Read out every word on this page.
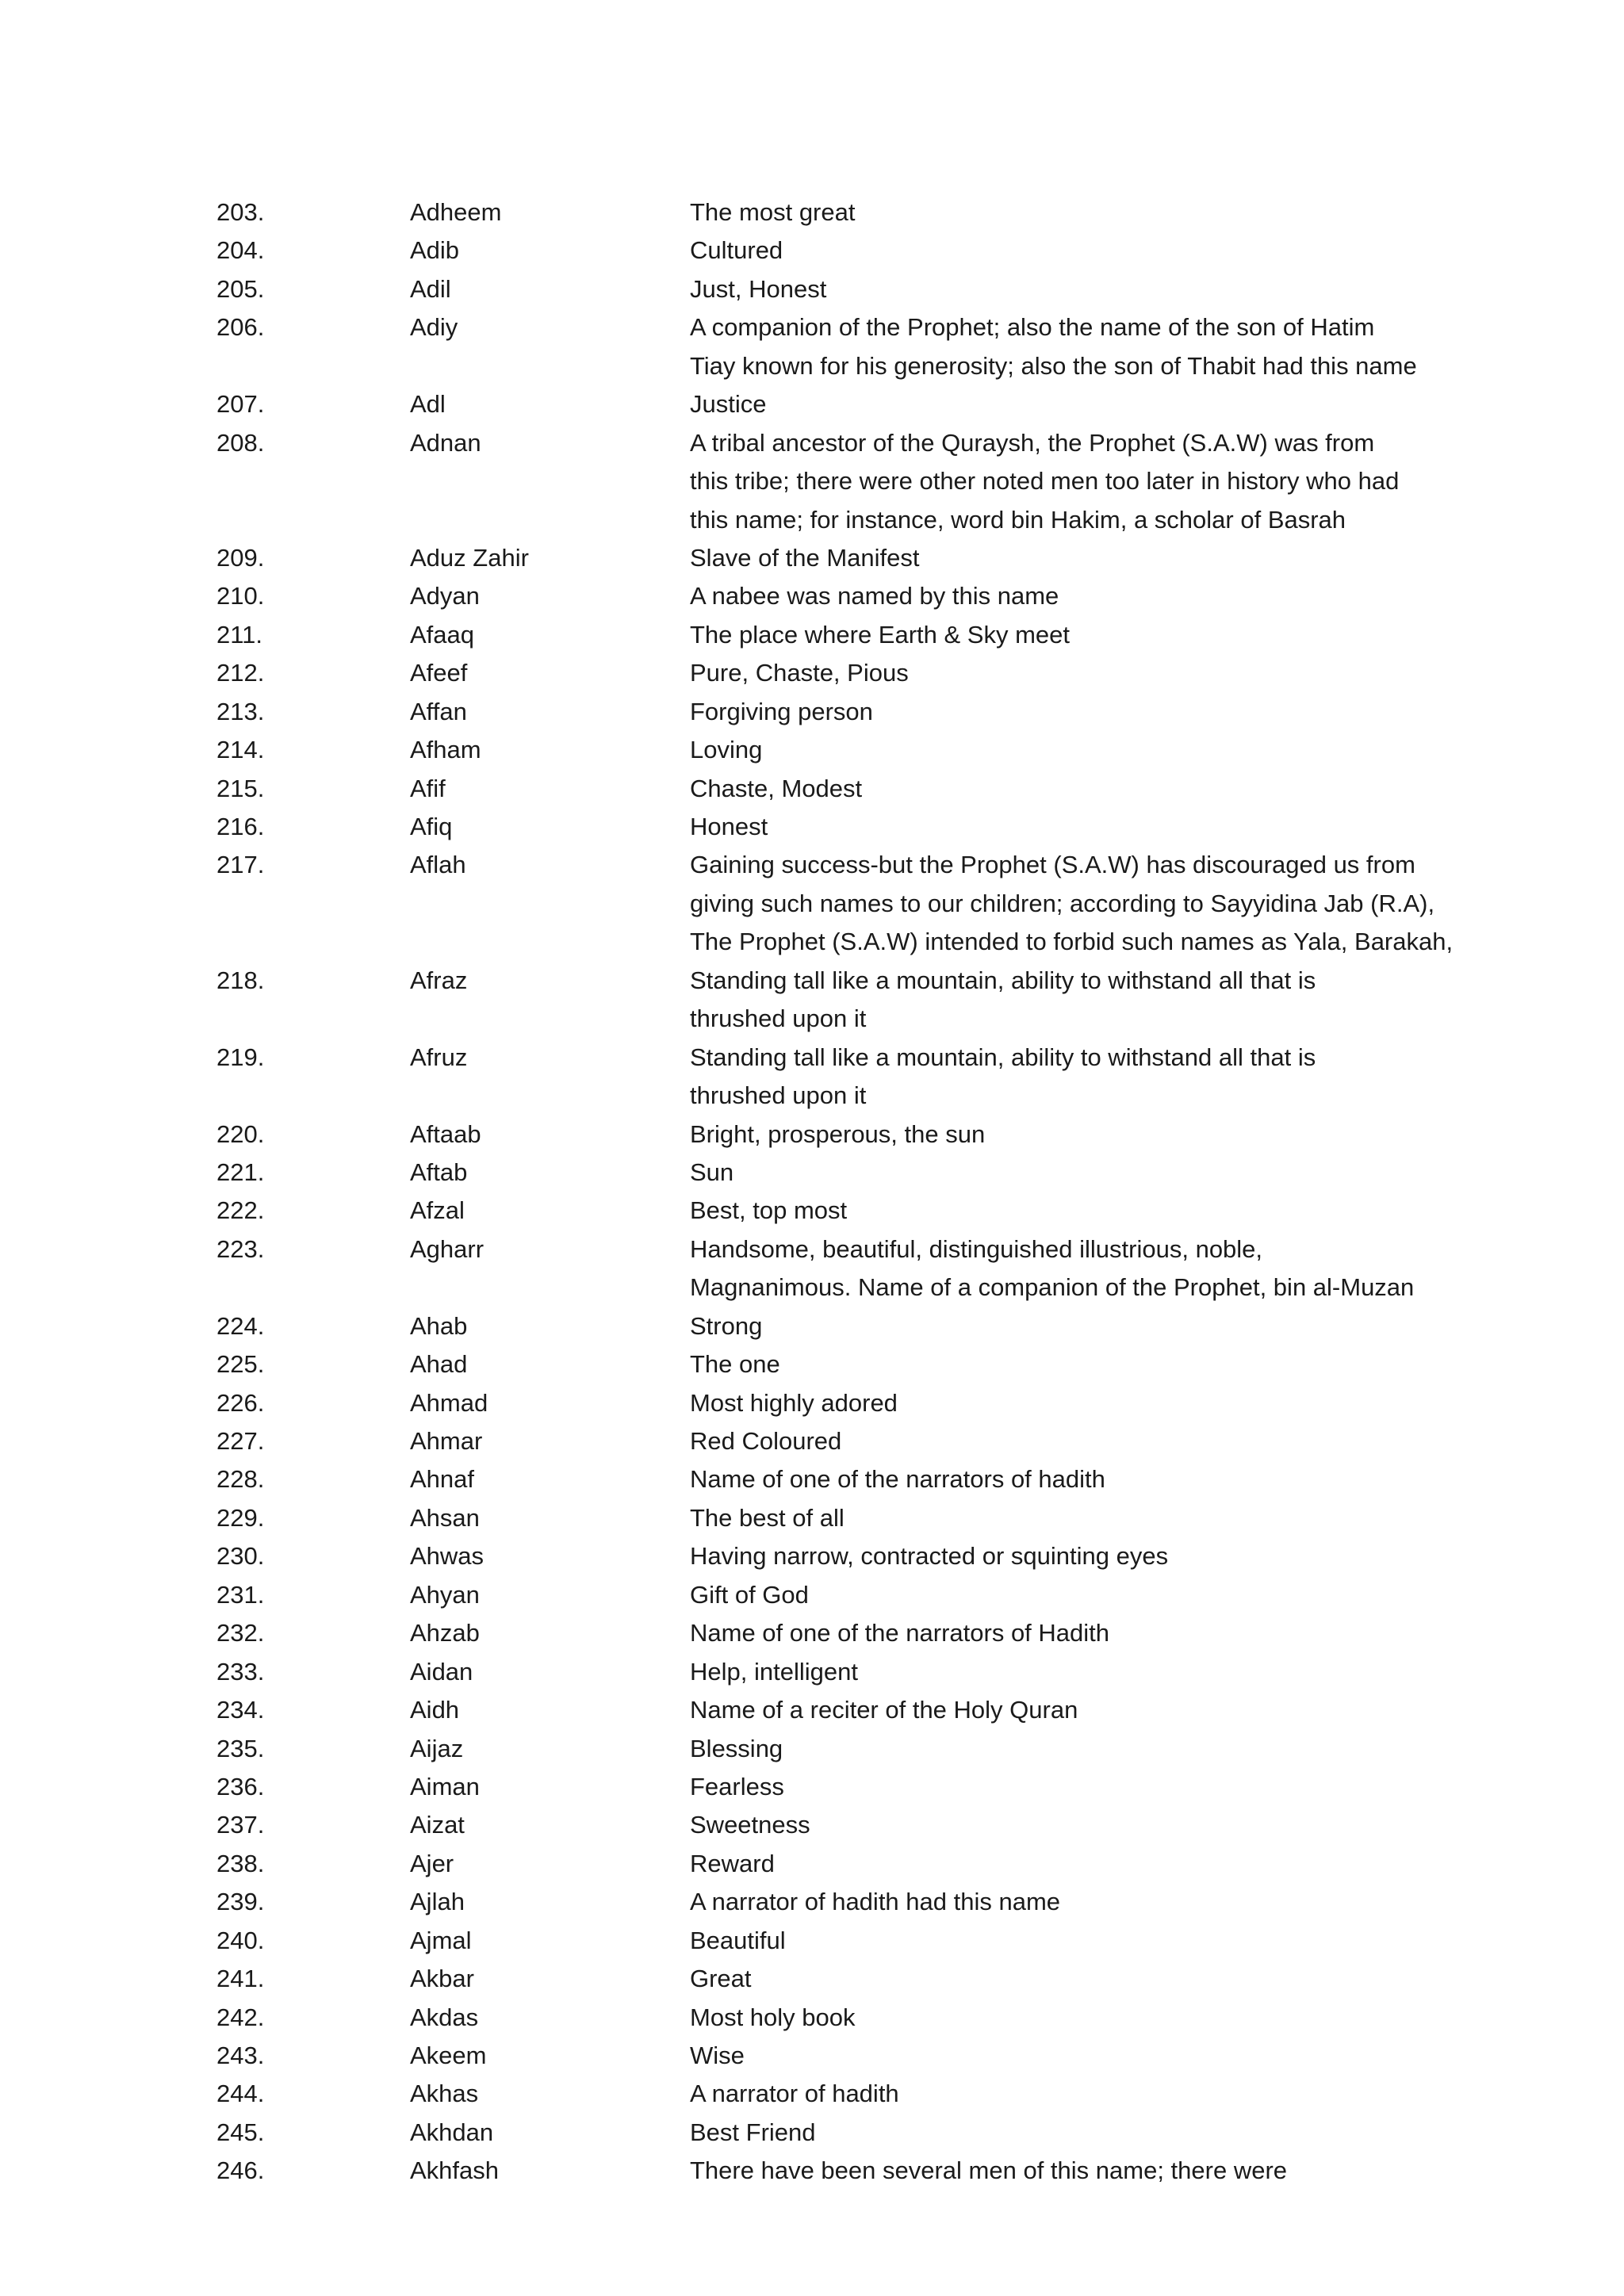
203.	Adheem	The most great
204.	Adib	Cultured
205.	Adil	Just, Honest
206.	Adiy	A companion of the Prophet; also the name of the son of Hatim
Tiay known for his generosity; also the son of Thabit had this name
207.	Adl	Justice
208.	Adnan	A tribal ancestor of the Quraysh, the Prophet (S.A.W) was from
this tribe; there were other noted men too later in history who had
this name; for instance, word bin Hakim, a scholar of Basrah
209.	Aduz Zahir	Slave of the Manifest
210.	Adyan	A nabee was named by this name
211.	Afaaq	The place where Earth & Sky meet
212.	Afeef	Pure, Chaste, Pious
213.	Affan	Forgiving person
214.	Afham	Loving
215.	Afif	Chaste, Modest
216.	Afiq	Honest
217.	Aflah	Gaining success-but the Prophet (S.A.W) has discouraged us from
giving such names to our children; according to Sayyidina Jab (R.A),
The Prophet (S.A.W) intended to forbid such names as Yala, Barakah,
218.	Afraz	Standing tall like a mountain, ability to withstand all that is
thrushed upon it
219.	Afruz	Standing tall like a mountain, ability to withstand all that is
thrushed upon it
220.	Aftaab	Bright, prosperous, the sun
221.	Aftab	Sun
222.	Afzal	Best, top most
223.	Agharr	Handsome, beautiful, distinguished illustrious, noble,
Magnanimous. Name of a companion of the Prophet, bin al-Muzan
224.	Ahab	Strong
225.	Ahad	The one
226.	Ahmad	Most highly adored
227.	Ahmar	Red Coloured
228.	Ahnaf	Name of one of the narrators of hadith
229.	Ahsan	The best of all
230.	Ahwas	Having narrow, contracted or squinting eyes
231.	Ahyan	Gift of God
232.	Ahzab	Name of one of the narrators of Hadith
233.	Aidan	Help, intelligent
234.	Aidh	Name of a reciter of the Holy Quran
235.	Aijaz	Blessing
236.	Aiman	Fearless
237.	Aizat	Sweetness
238.	Ajer	Reward
239.	Ajlah	A narrator of hadith had this name
240.	Ajmal	Beautiful
241.	Akbar	Great
242.	Akdas	Most holy book
243.	Akeem	Wise
244.	Akhas	A narrator of hadith
245.	Akhdan	Best Friend
246.	Akhfash	There have been several men of this name; there were
